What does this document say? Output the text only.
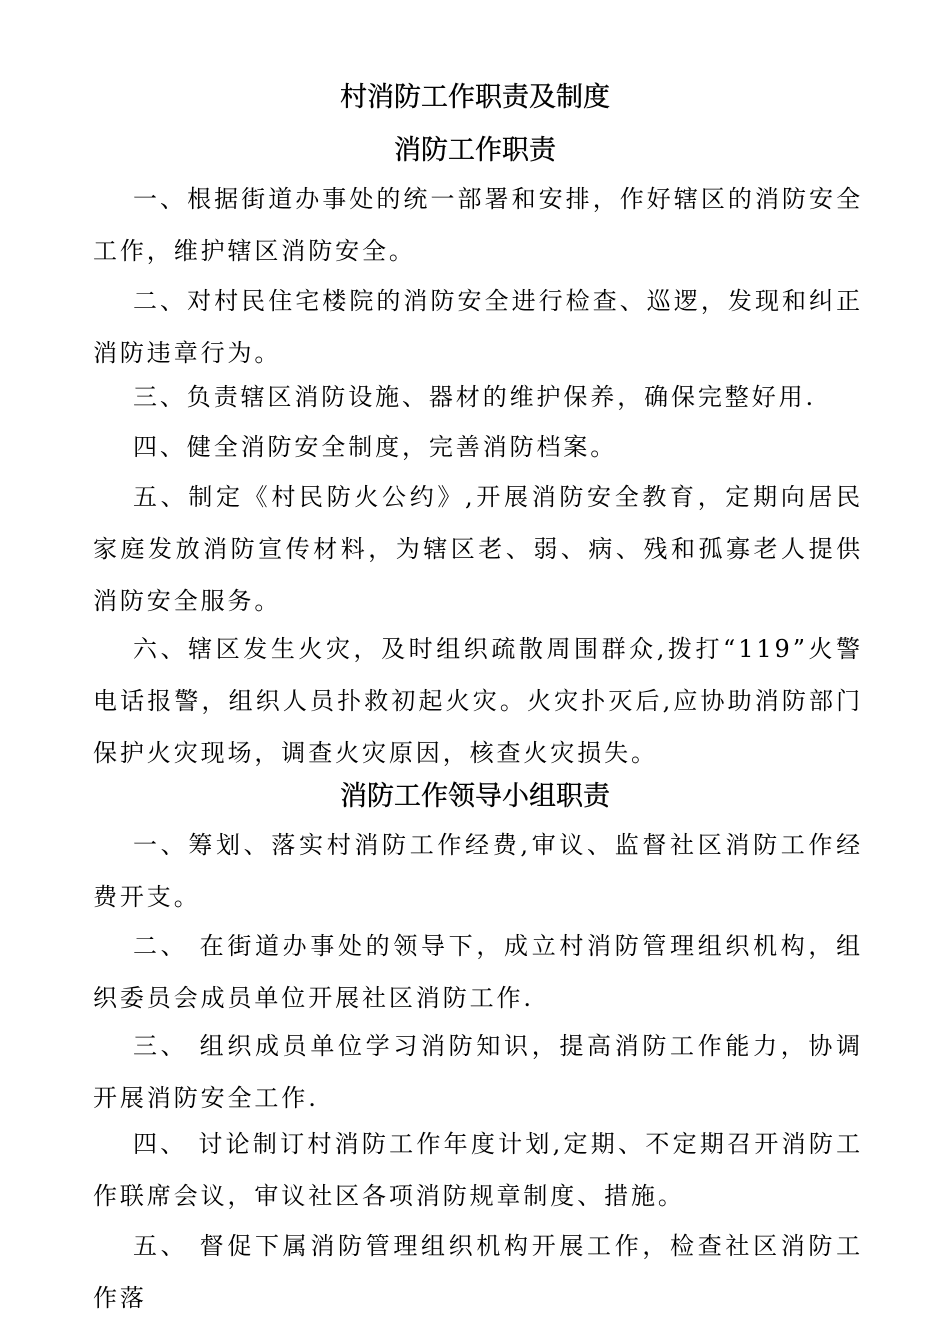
村消防工作职责及制度
消防工作职责

一、根据街道办事处的统一部署和安排，作好辖区的消防安全工作，维护辖区消防安全。

二、对村民住宅楼院的消防安全进行检查、巡逻，发现和纠正消防违章行为。

三、负责辖区消防设施、器材的维护保养，确保完整好用.

四、健全消防安全制度，完善消防档案。

五、制定《村民防火公约》,开展消防安全教育，定期向居民家庭发放消防宣传材料，为辖区老、弱、病、残和孤寡老人提供消防安全服务。

六、辖区发生火灾，及时组织疏散周围群众,拨打“119”火警电话报警，组织人员扑救初起火灾。火灾扑灭后,应协助消防部门保护火灾现场，调查火灾原因，核查火灾损失。

消防工作领导小组职责

一、筹划、落实村消防工作经费,审议、监督社区消防工作经费开支。

二、 在街道办事处的领导下，成立村消防管理组织机构，组织委员会成员单位开展社区消防工作.

三、 组织成员单位学习消防知识，提高消防工作能力，协调开展消防安全工作.

四、 讨论制订村消防工作年度计划,定期、不定期召开消防工作联席会议，审议社区各项消防规章制度、措施。

五、 督促下属消防管理组织机构开展工作，检查社区消防工作落
